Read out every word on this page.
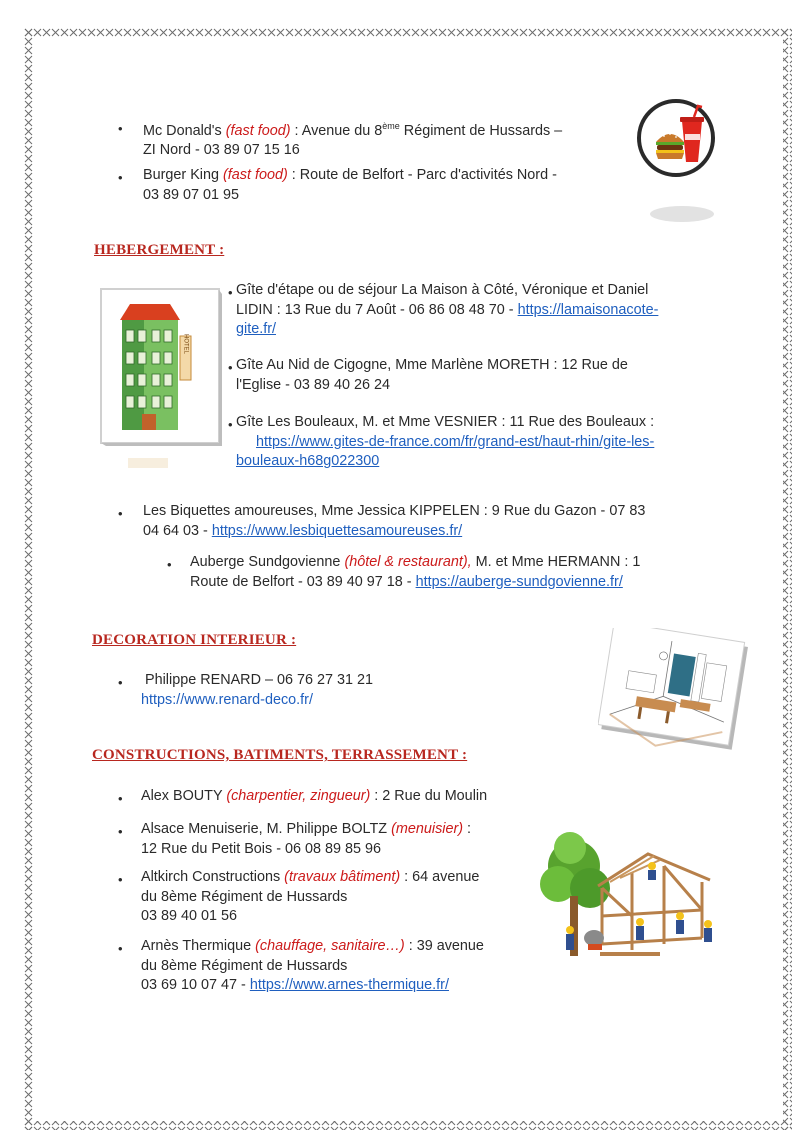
• Mc Donald's (fast food) : Avenue du 8ème Régiment de Hussards –
ZI Nord - 03 89 07 15 16

• Burger King (fast food) : Route de Belfort - Parc d'activités Nord -
03 89 07 01 95

HEBERGEMENT :

HOTEL
• Gîte d'étape ou de séjour La Maison à Côté, Véronique et Daniel
LIDIN : 13 Rue du 7 Août - 06 86 08 48 70 - https://lamaisonacote-
gite.fr/

• Gîte Au Nid de Cigogne, Mme Marlène MORETH : 12 Rue de
l'Eglise - 03 89 40 26 24

• Gîte Les Bouleaux, M. et Mme VESNIER : 11 Rue des Bouleaux :
https://www.gites-de-france.com/fr/grand-est/haut-rhin/gite-les-
bouleaux-h68g022300

• Les Biquettes amoureuses, Mme Jessica KIPPELEN : 9 Rue du Gazon - 07 83
04 64 03 - https://www.lesbiquettesamoureuses.fr/

• Auberge Sundgovienne (hôtel & restaurant), M. et Mme HERMANN : 1
Route de Belfort - 03 89 40 97 18 - https://auberge-sundgovienne.fr/

DECORATION INTERIEUR :

• Philippe RENARD – 06 76 27 31 21
https://www.renard-deco.fr/

CONSTRUCTIONS, BATIMENTS, TERRASSEMENT :

• Alex BOUTY (charpentier, zingueur) : 2 Rue du Moulin

• Alsace Menuiserie, M. Philippe BOLTZ (menuisier) :
12 Rue du Petit Bois - 06 08 89 85 96

• Altkirch Constructions (travaux bâtiment) : 64 avenue
du 8ème Régiment de Hussards
03 89 40 01 56

• Arnès Thermique (chauffage, sanitaire…) : 39 avenue
du 8ème Régiment de Hussards
03 69 10 07 47 - https://www.arnes-thermique.fr/
